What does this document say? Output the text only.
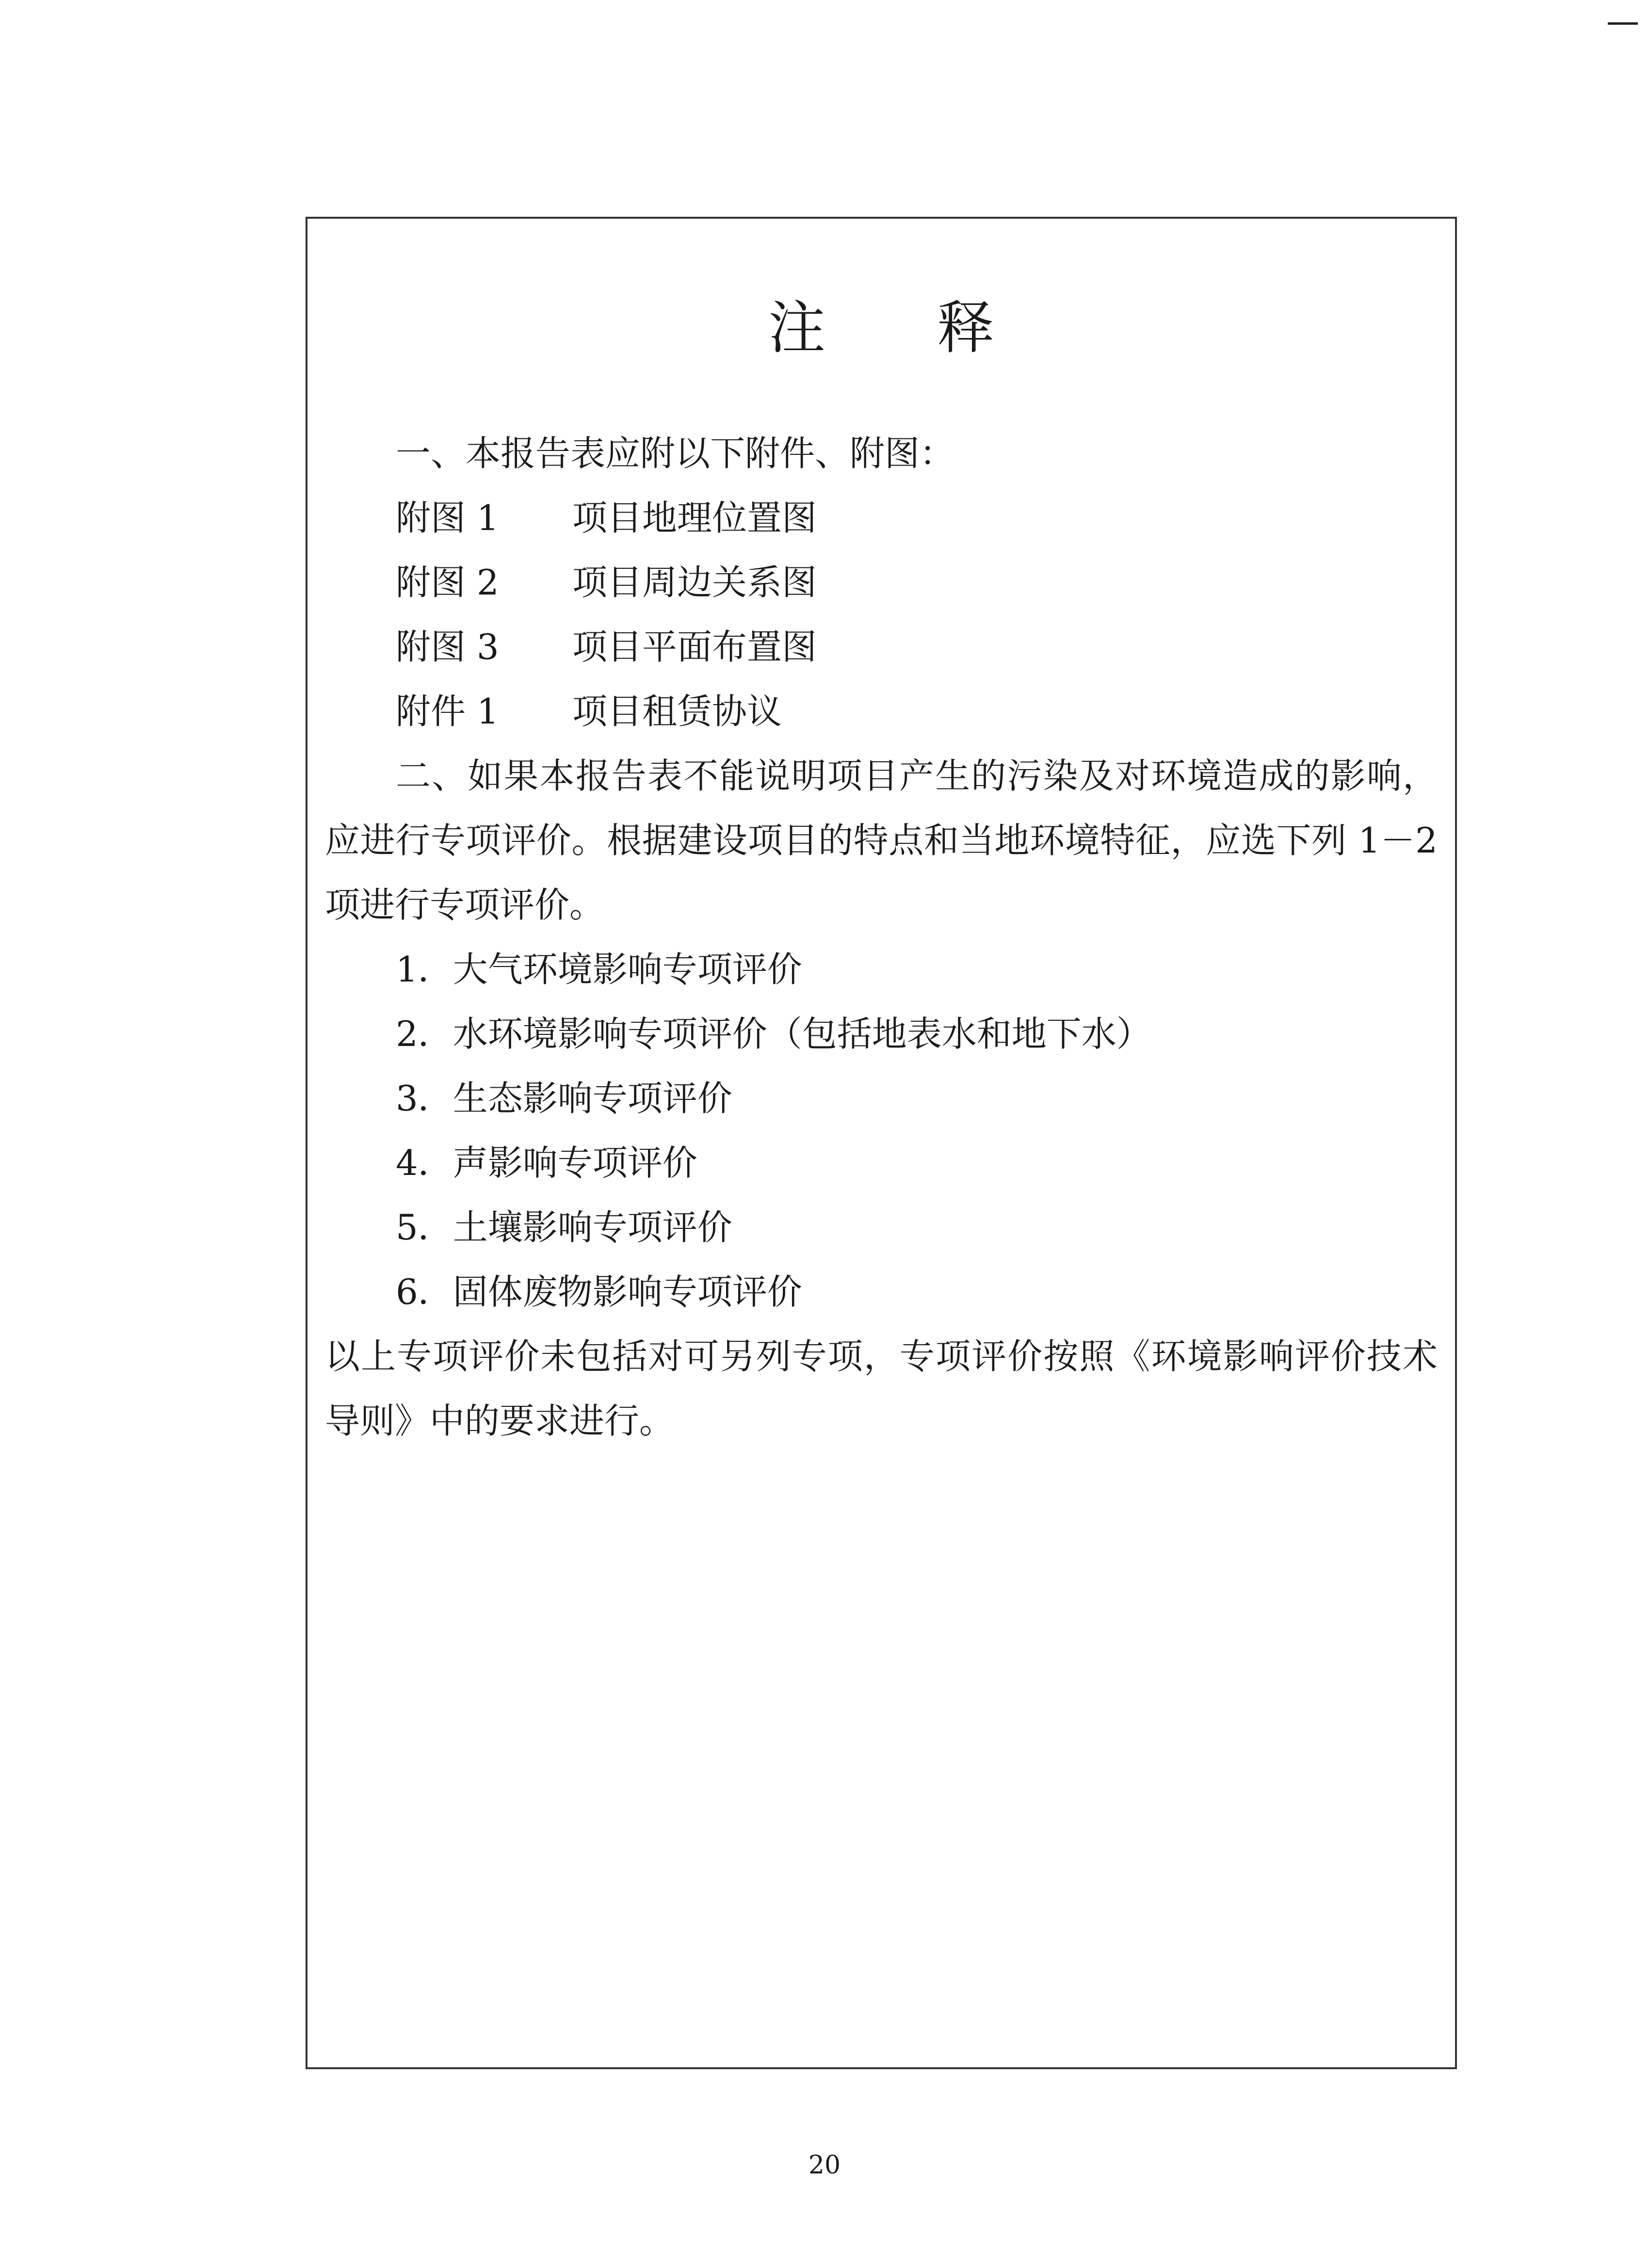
注 释
一、本报告表应附以下附件、附图：
附图 1 项目地理位置图
附图 2 项目周边关系图
附图 3 项目平面布置图
附件 1 项目租赁协议
二、如果本报告表不能说明项目产生的污染及对环境造成的影响，应进行专项评价。根据建设项目的特点和当地环境特征，应选下列 1－2 项进行专项评价。
1．大气环境影响专项评价
2．水环境影响专项评价（包括地表水和地下水）
3．生态影响专项评价
4．声影响专项评价
5．土壤影响专项评价
6．固体废物影响专项评价
以上专项评价未包括对可另列专项，专项评价按照《环境影响评价技术导则》中的要求进行。
20
